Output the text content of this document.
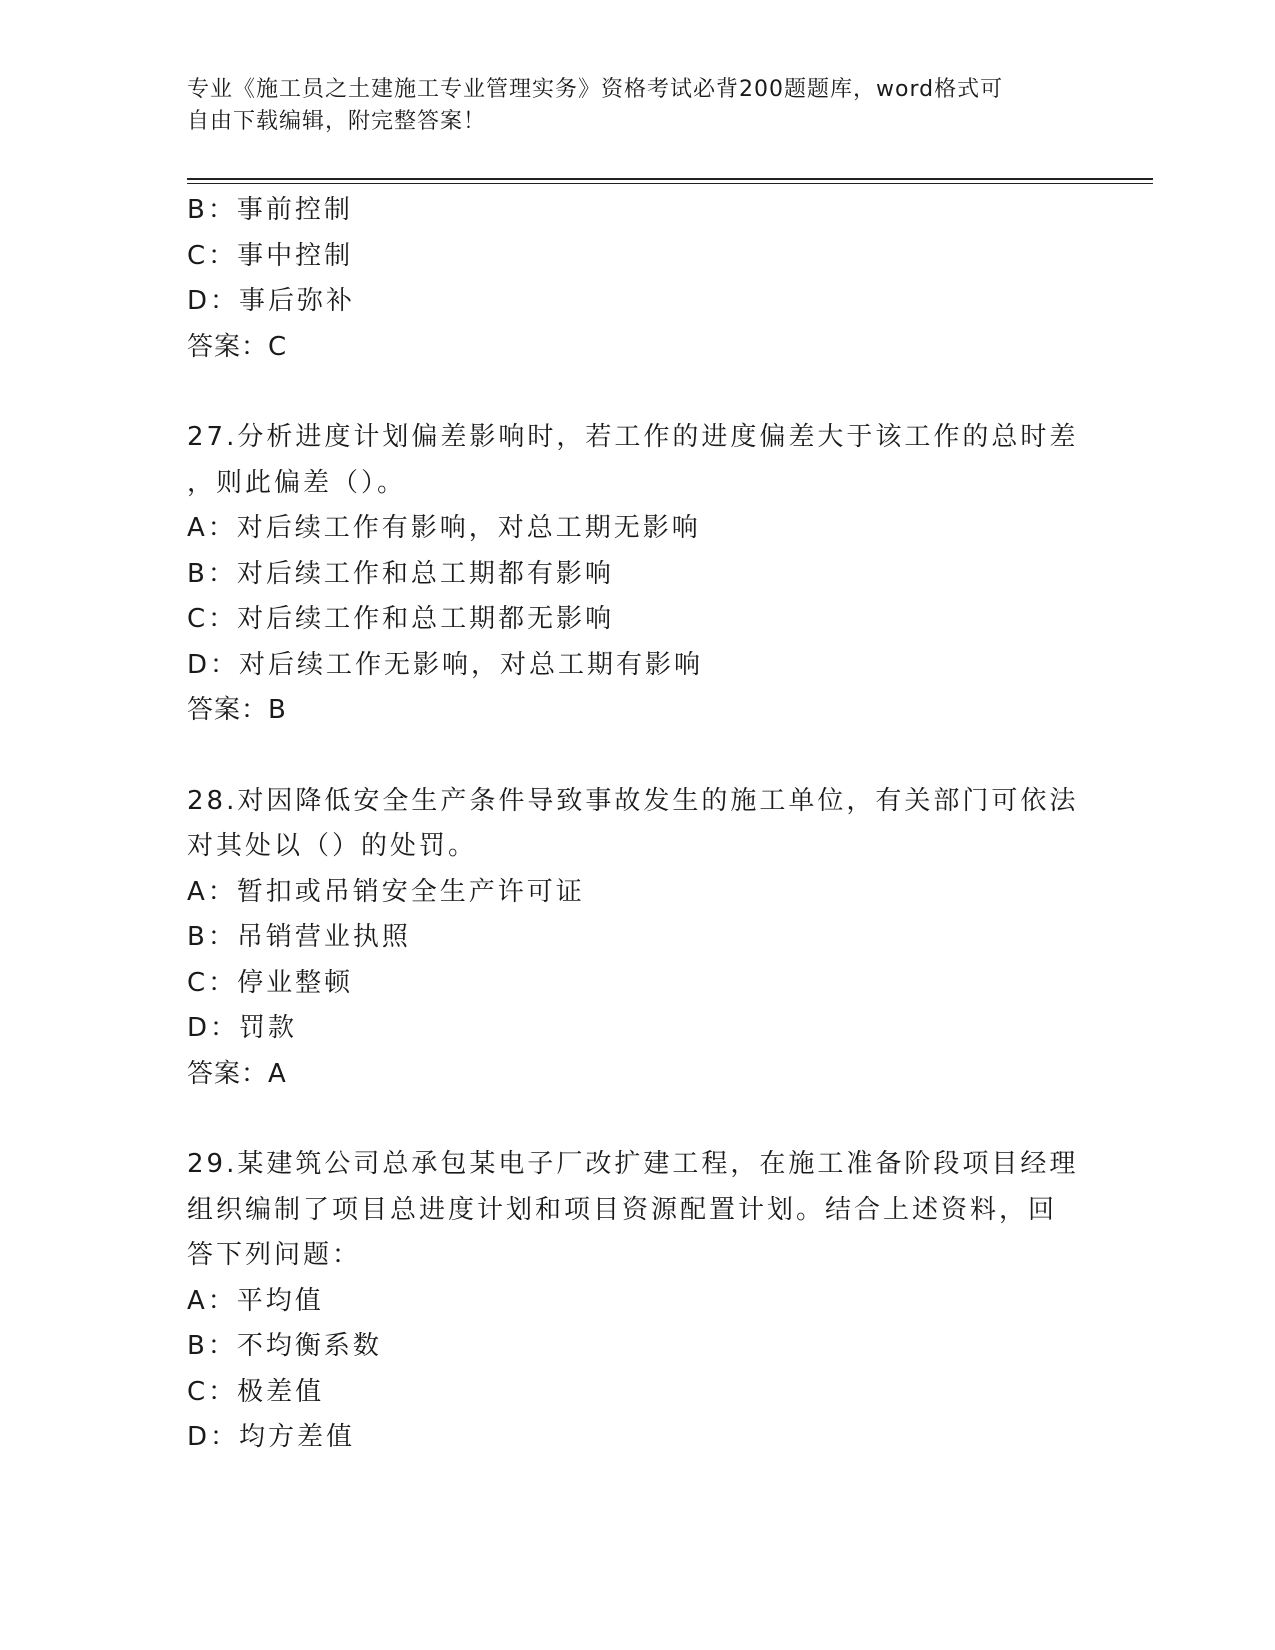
专业《施工员之土建施工专业管理实务》资格考试必背200题题库，word格式可
自由下载编辑，附完整答案！
B：事前控制
C：事中控制
D：事后弥补
答案：C
27.分析进度计划偏差影响时，若工作的进度偏差大于该工作的总时差
，则此偏差（）。
A：对后续工作有影响，对总工期无影响
B：对后续工作和总工期都有影响
C：对后续工作和总工期都无影响
D：对后续工作无影响，对总工期有影响
答案：B
28.对因降低安全生产条件导致事故发生的施工单位，有关部门可依法
对其处以（）的处罚。
A：暂扣或吊销安全生产许可证
B：吊销营业执照
C：停业整顿
D：罚款
答案：A
29.某建筑公司总承包某电子厂改扩建工程，在施工准备阶段项目经理
组织编制了项目总进度计划和项目资源配置计划。结合上述资料，回
答下列问题：
A：平均值
B：不均衡系数
C：极差值
D：均方差值
